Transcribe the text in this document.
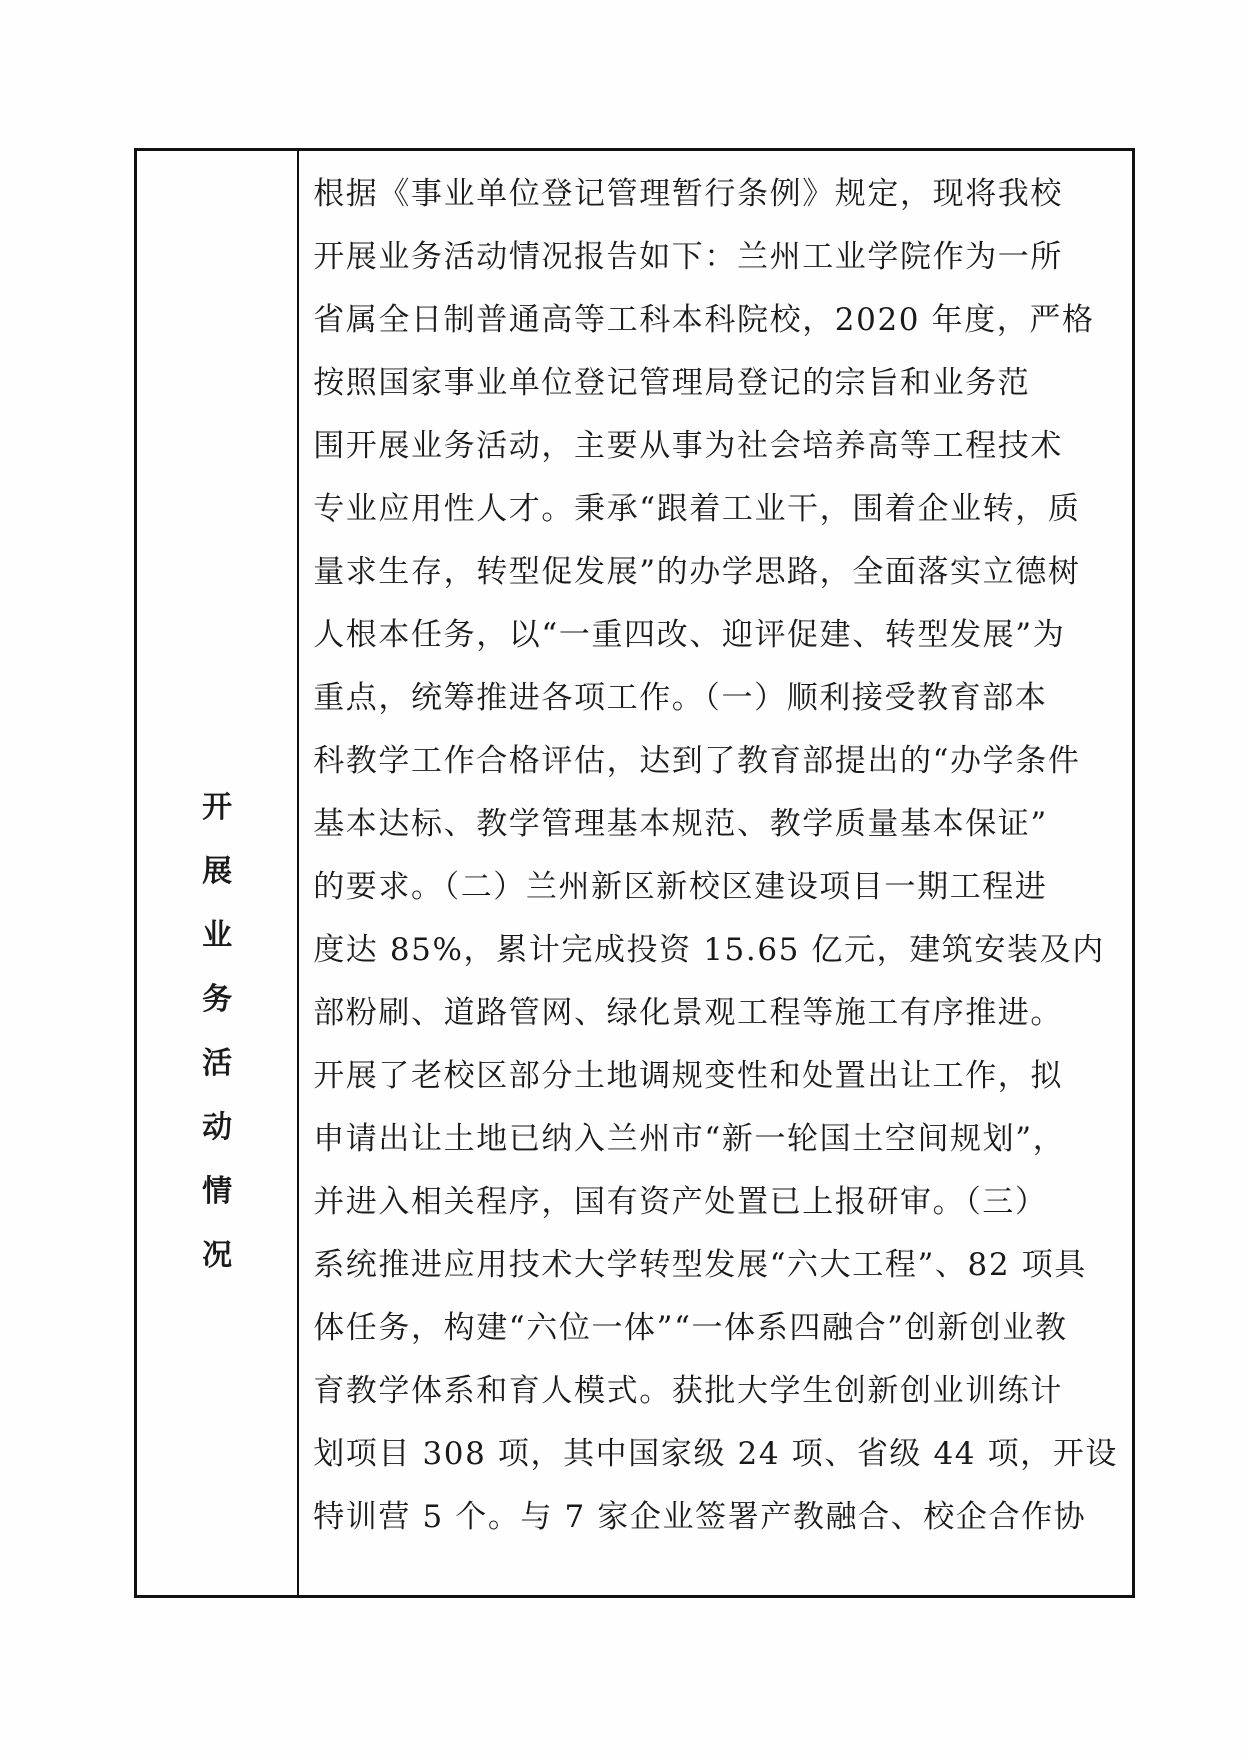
开
展
业
务
活
动
情
况
根据《事业单位登记管理暂行条例》规定，现将我校
开展业务活动情况报告如下：兰州工业学院作为一所
省属全日制普通高等工科本科院校，2020 年度，严格
按照国家事业单位登记管理局登记的宗旨和业务范
围开展业务活动，主要从事为社会培养高等工程技术
专业应用性人才。秉承“跟着工业干，围着企业转，质
量求生存，转型促发展”的办学思路，全面落实立德树
人根本任务，以“一重四改、迎评促建、转型发展”为
重点，统筹推进各项工作。（一）顺利接受教育部本
科教学工作合格评估，达到了教育部提出的“办学条件
基本达标、教学管理基本规范、教学质量基本保证”
的要求。（二）兰州新区新校区建设项目一期工程进
度达 85%，累计完成投资 15.65 亿元，建筑安装及内
部粉刷、道路管网、绿化景观工程等施工有序推进。
开展了老校区部分土地调规变性和处置出让工作，拟
申请出让土地已纳入兰州市“新一轮国土空间规划”，
并进入相关程序，国有资产处置已上报研审。（三）
系统推进应用技术大学转型发展“六大工程”、82 项具
体任务，构建“六位一体”“一体系四融合”创新创业教
育教学体系和育人模式。获批大学生创新创业训练计
划项目 308 项，其中国家级 24 项、省级 44 项，开设
特训营 5 个。与 7 家企业签署产教融合、校企合作协
